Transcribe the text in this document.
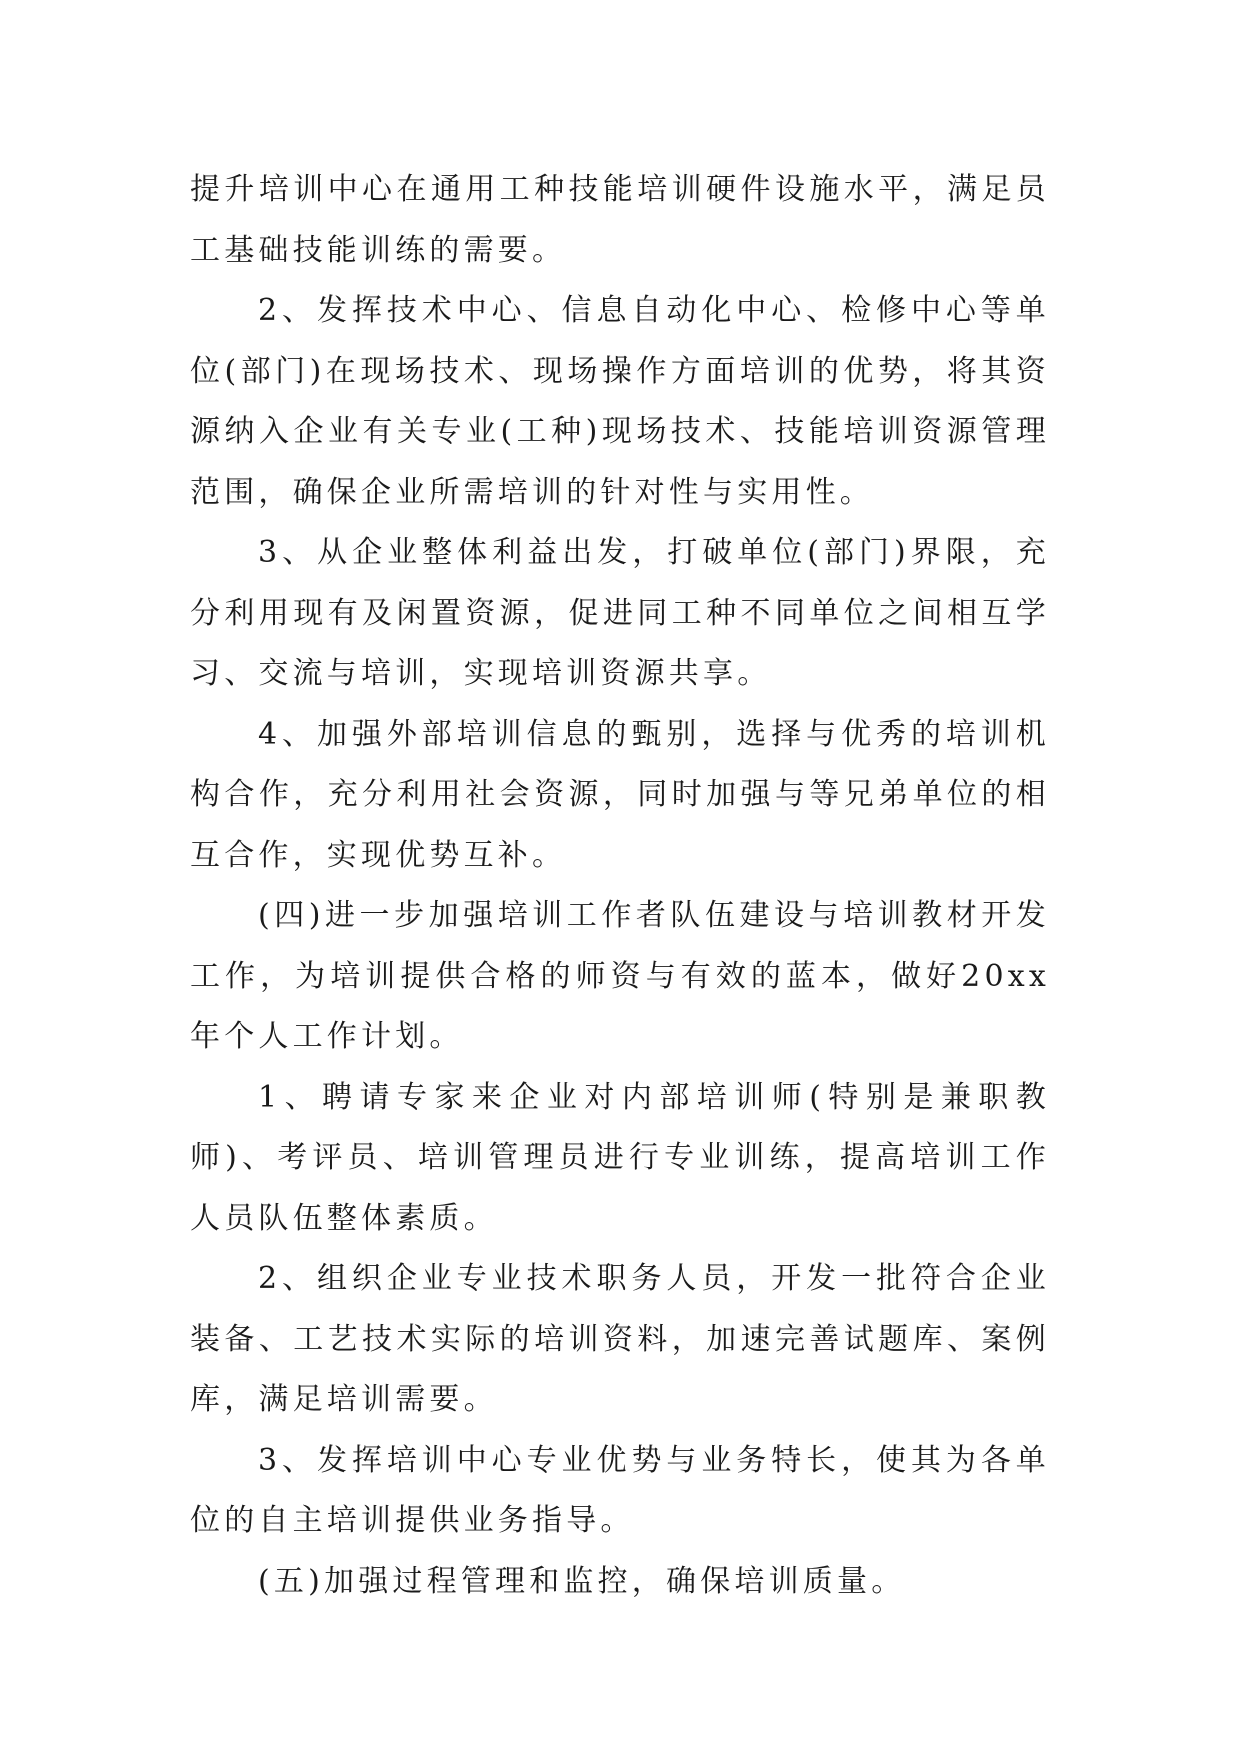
提升培训中心在通用工种技能培训硬件设施水平，满足员工基础技能训练的需要。

2、发挥技术中心、信息自动化中心、检修中心等单位(部门)在现场技术、现场操作方面培训的优势，将其资源纳入企业有关专业(工种)现场技术、技能培训资源管理范围，确保企业所需培训的针对性与实用性。

3、从企业整体利益出发，打破单位(部门)界限，充分利用现有及闲置资源，促进同工种不同单位之间相互学习、交流与培训，实现培训资源共享。

4、加强外部培训信息的甄别，选择与优秀的培训机构合作，充分利用社会资源，同时加强与等兄弟单位的相互合作，实现优势互补。

(四)进一步加强培训工作者队伍建设与培训教材开发工作，为培训提供合格的师资与有效的蓝本，做好20xx年个人工作计划。

1、聘请专家来企业对内部培训师(特别是兼职教师)、考评员、培训管理员进行专业训练，提高培训工作人员队伍整体素质。

2、组织企业专业技术职务人员，开发一批符合企业装备、工艺技术实际的培训资料，加速完善试题库、案例库，满足培训需要。

3、发挥培训中心专业优势与业务特长，使其为各单位的自主培训提供业务指导。

(五)加强过程管理和监控，确保培训质量。
